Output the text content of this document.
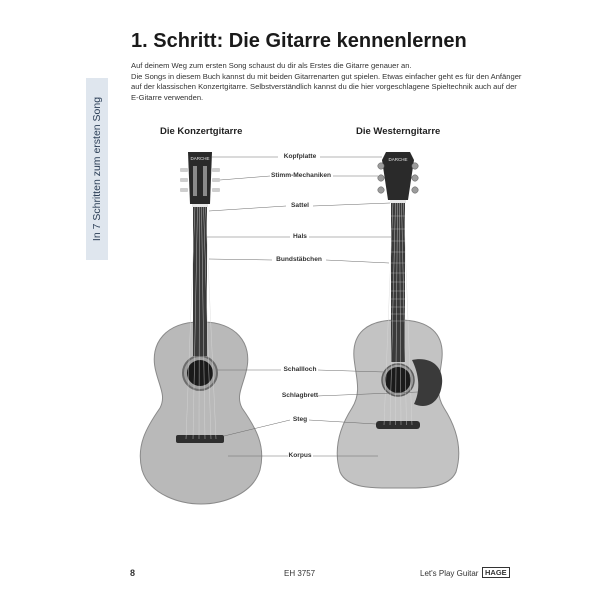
In 7 Schritten zum ersten Song
1. Schritt: Die Gitarre kennenlernen

Auf deinem Weg zum ersten Song schaust du dir als Erstes die Gitarre genauer an.

Die Songs in diesem Buch kannst du mit beiden Gitarrenarten gut spielen. Etwas einfacher geht es für den Anfänger auf der klassischen Konzertgitarre. Selbstverständlich kannst du die hier vorgeschlagene Spieltechnik auch auf der E-Gitarre verwenden.

Die Konzertgitarre	Die Westerngitarre
DARCHE	DARCHE
Kopfplatte
Stimm-Mechaniken
Sattel
Hals
Bundstäbchen
Schallloch
Schlagbrett
Steg
Korpus
8	EH 3757	Let's Play Guitar HAGE
